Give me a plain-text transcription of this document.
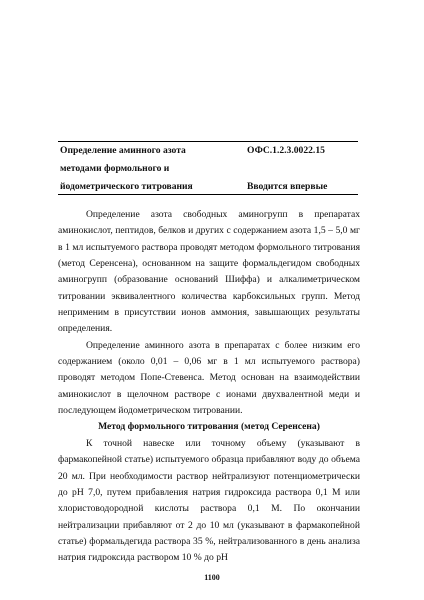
Определение аминного азота
методами формольного и
йодометрического титрования
ОФС.1.2.3.0022.15

Вводится впервые

Определение азота свободных аминогрупп в препаратах аминокислот, пептидов, белков и других с содержанием азота 1,5 – 5,0 мг в 1 мл испытуемого раствора проводят методом формольного титрования (метод Серенсена), основанном на защите формальдегидом свободных аминогрупп (образование оснований Шиффа) и алкалиметрическом титровании эквивалентного количества карбоксильных групп. Метод неприменим в присутствии ионов аммония, завышающих результаты определения.

Определение аминного азота в препаратах с более низким его содержанием (около 0,01 – 0,06 мг в 1 мл испытуемого раствора) проводят методом Попе-Стевенса. Метод основан на взаимодействии аминокислот в щелочном растворе с ионами двухвалентной меди и последующем йодометрическом титровании.

Метод формольного титрования (метод Серенсена)

К точной навеске или точному объему (указывают в фармакопейной статье) испытуемого образца прибавляют воду до объема 20 мл. При необходимости раствор нейтрализуют потенциометрически до pH 7,0, путем прибавления натрия гидроксида раствора 0,1 М или хлористоводородной кислоты раствора 0,1 М. По окончании нейтрализации прибавляют от 2 до 10 мл (указывают в фармакопейной статье) формальдегида раствора 35 %, нейтрализованного в день анализа натрия гидроксида раствором 10 % до pH

1100
